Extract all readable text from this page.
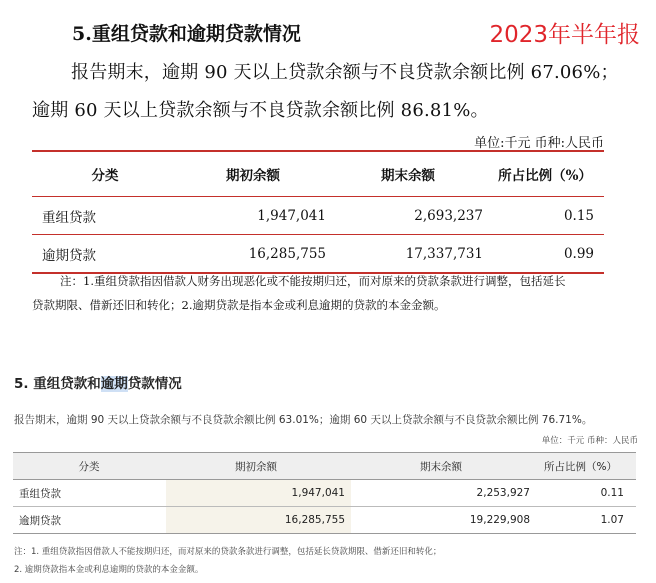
5.重组贷款和逾期贷款情况	2023年半年报
报告期末，逾期 90 天以上贷款余额与不良贷款余额比例 67.06%；
逾期 60 天以上贷款余额与不良贷款余额比例 86.81%。
单位:千元 币种:人民币
分类	期初余额	期末余额	所占比例（%）
重组贷款	1,947,041	2,693,237	0.15
逾期贷款	16,285,755	17,337,731	0.99
注：1.重组贷款指因借款人财务出现恶化或不能按期归还，而对原来的贷款条款进行调整，包括延长
贷款期限、借新还旧和转化；2.逾期贷款是指本金或利息逾期的贷款的本金金额。
5. 重组贷款和逾期贷款情况
报告期末，逾期 90 天以上贷款余额与不良贷款余额比例 63.01%；逾期 60 天以上贷款余额与不良贷款余额比例 76.71%。
单位：千元 币种：人民币
分类	期初余额	期末余额	所占比例（%）
重组贷款	1,947,041	2,253,927	0.11
逾期贷款	16,285,755	19,229,908	1.07
注：1. 重组贷款指因借款人不能按期归还，而对原来的贷款条款进行调整，包括延长贷款期限、借新还旧和转化；
2. 逾期贷款指本金或利息逾期的贷款的本金金额。
